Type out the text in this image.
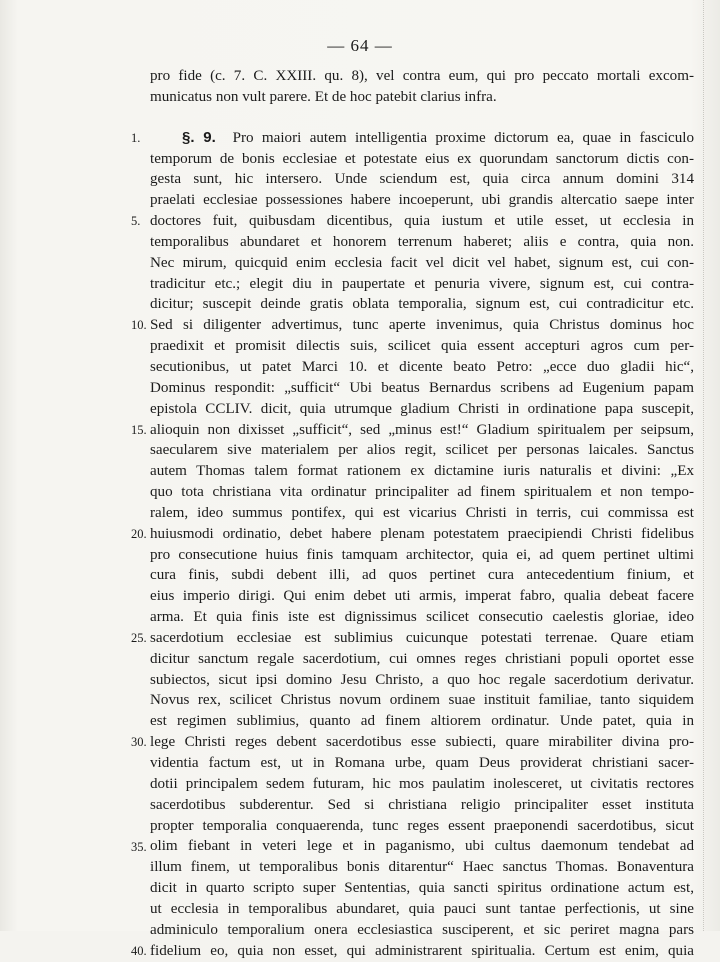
— 64 —
pro fide (c. 7. C. XXIII. qu. 8), vel contra eum, qui pro peccato mortali excom-
municatus non vult parere. Et de hoc patebit clarius infra.
§. 9. Pro maiori autem intelligentia proxime dictorum ea, quae in fasciculo
temporum de bonis ecclesiae et potestate eius ex quorundam sanctorum dictis con-
gesta sunt, hic intersero. Unde sciendum est, quia circa annum domini 314
praelati ecclesiae possessiones habere incoeperunt, ubi grandis altercatio saepe inter
doctores fuit, quibusdam dicentibus, quia iustum et utile esset, ut ecclesia in
temporalibus abundaret et honorem terrenum haberet; aliis e contra, quia non.
Nec mirum, quicquid enim ecclesia facit vel dicit vel habet, signum est, cui con-
tradicitur etc.; elegit diu in paupertate et penuria vivere, signum est, cui contra-
dicitur; suscepit deinde gratis oblata temporalia, signum est, cui contradicitur etc.
Sed si diligenter advertimus, tunc aperte invenimus, quia Christus dominus hoc
praedixit et promisit dilectis suis, scilicet quia essent accepturi agros cum per-
secutionibus, ut patet Marci 10. et dicente beato Petro: „ecce duo gladii hic“,
Dominus respondit: „sufficit“ Ubi beatus Bernardus scribens ad Eugenium papam
epistola CCLIV. dicit, quia utrumque gladium Christi in ordinatione papa suscepit,
alioquin non dixisset „sufficit“, sed „minus est!“ Gladium spiritualem per seipsum,
saecularem sive materialem per alios regit, scilicet per personas laicales. Sanctus
autem Thomas talem format rationem ex dictamine iuris naturalis et divini: „Ex
quo tota christiana vita ordinatur principaliter ad finem spiritualem et non tempo-
ralem, ideo summus pontifex, qui est vicarius Christi in terris, cui commissa est
huiusmodi ordinatio, debet habere plenam potestatem praecipiendi Christi fidelibus
pro consecutione huius finis tamquam architector, quia ei, ad quem pertinet ultimi
cura finis, subdi debent illi, ad quos pertinet cura antecedentium finium, et
eius imperio dirigi. Qui enim debet uti armis, imperat fabro, qualia debeat facere
arma. Et quia finis iste est dignissimus scilicet consecutio caelestis gloriae, ideo
sacerdotium ecclesiae est sublimius cuicunque potestati terrenae. Quare etiam
dicitur sanctum regale sacerdotium, cui omnes reges christiani populi oportet esse
subiectos, sicut ipsi domino Jesu Christo, a quo hoc regale sacerdotium derivatur.
Novus rex, scilicet Christus novum ordinem suae instituit familiae, tanto siquidem
est regimen sublimius, quanto ad finem altiorem ordinatur. Unde patet, quia in
lege Christi reges debent sacerdotibus esse subiecti, quare mirabiliter divina pro-
videntia factum est, ut in Romana urbe, quam Deus providerat christiani sacer-
dotii principalem sedem futuram, hic mos paulatim inolesceret, ut civitatis rectores
sacerdotibus subderentur. Sed si christiana religio principaliter esset instituta
propter temporalia conquaerenda, tunc reges essent praeponendi sacerdotibus, sicut
olim fiebant in veteri lege et in paganismo, ubi cultus daemonum tendebat ad
illum finem, ut temporalibus bonis ditarentur“ Haec sanctus Thomas. Bonaventura
dicit in quarto scripto super Sententias, quia sancti spiritus ordinatione actum est,
ut ecclesia in temporalibus abundaret, quia pauci sunt tantae perfectionis, ut sine
adminiculo temporalium onera ecclesiastica susciperent, et sic periret magna pars
fidelium eo, quia non esset, qui administrarent spiritualia. Certum est enim, quia
1.
5.
10.
15.
20.
25.
30.
35.
40.
